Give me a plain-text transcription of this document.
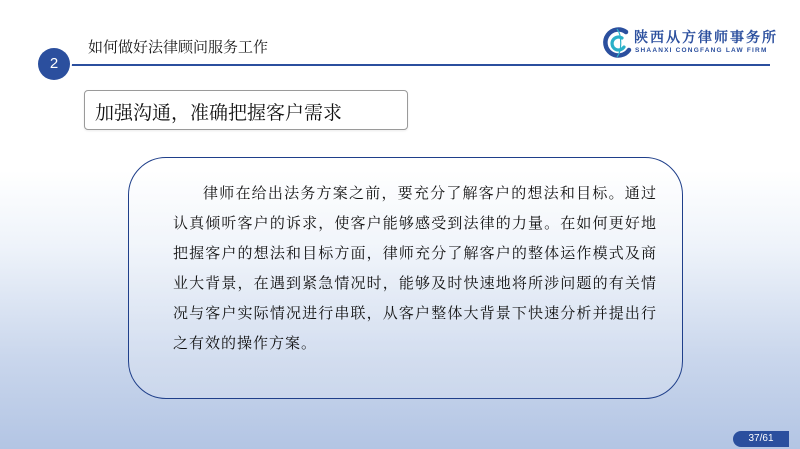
2
如何做好法律顾问服务工作	陕西从方律师事务所
SHAANXI CONGFANG LAW FIRM
加强沟通，准确把握客户需求

律师在给出法务方案之前，要充分了解客户的想法和目标。通过认真倾听客户的诉求，使客户能够感受到法律的力量。在如何更好地把握客户的想法和目标方面，律师充分了解客户的整体运作模式及商业大背景，在遇到紧急情况时，能够及时快速地将所涉问题的有关情况与客户实际情况进行串联，从客户整体大背景下快速分析并提出行之有效的操作方案。

37/61
